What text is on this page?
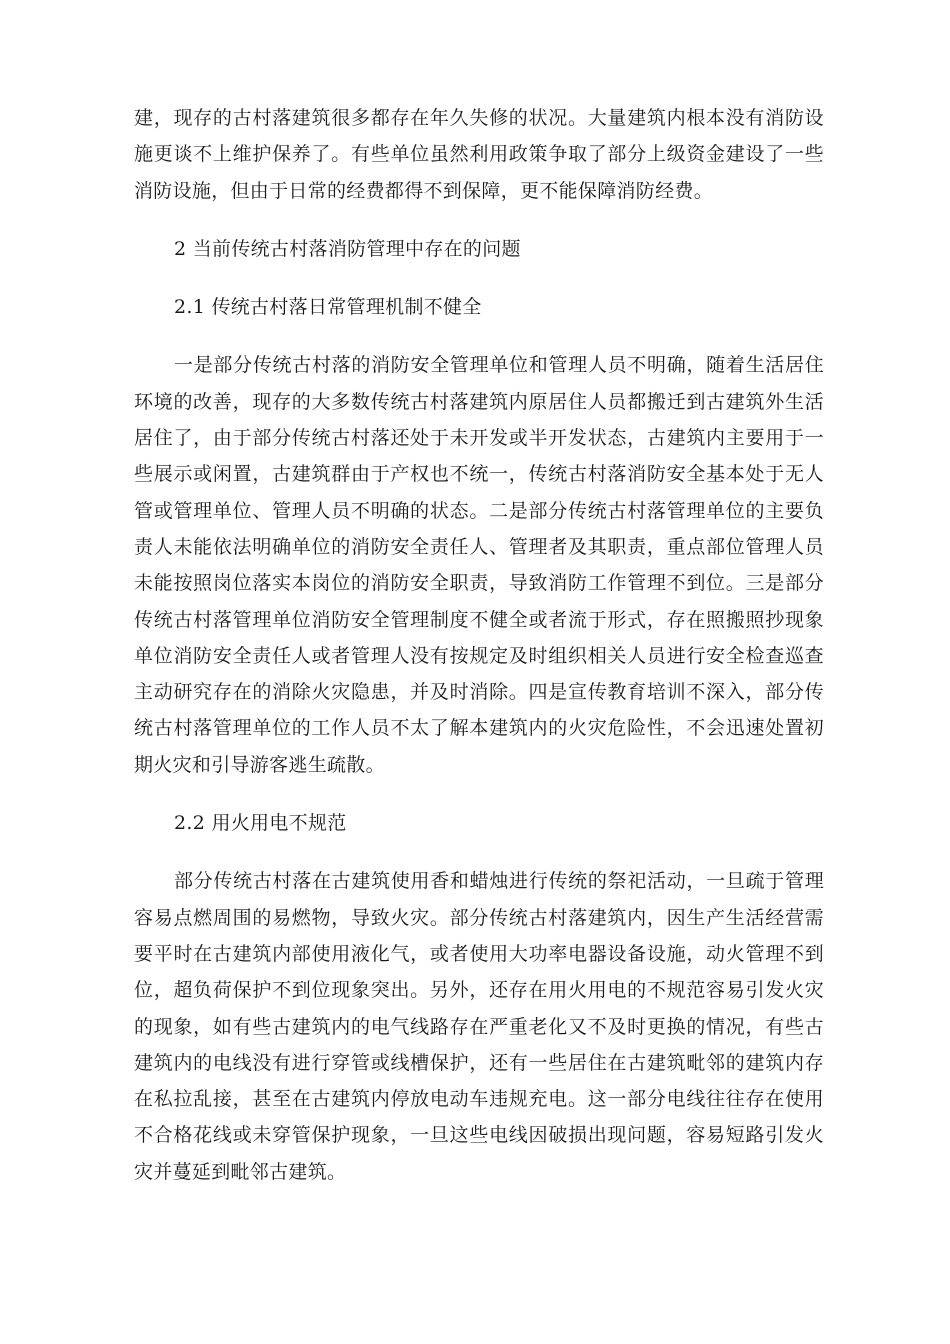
建，现存的古村落建筑很多都存在年久失修的状况。大量建筑内根本没有消防设
施更谈不上维护保养了。有些单位虽然利用政策争取了部分上级资金建设了一些
消防设施，但由于日常的经费都得不到保障，更不能保障消防经费。
2 当前传统古村落消防管理中存在的问题
2.1 传统古村落日常管理机制不健全
一是部分传统古村落的消防安全管理单位和管理人员不明确，随着生活居住
环境的改善，现存的大多数传统古村落建筑内原居住人员都搬迁到古建筑外生活
居住了，由于部分传统古村落还处于未开发或半开发状态，古建筑内主要用于一
些展示或闲置，古建筑群由于产权也不统一，传统古村落消防安全基本处于无人
管或管理单位、管理人员不明确的状态。二是部分传统古村落管理单位的主要负
责人未能依法明确单位的消防安全责任人、管理者及其职责，重点部位管理人员
未能按照岗位落实本岗位的消防安全职责，导致消防工作管理不到位。三是部分
传统古村落管理单位消防安全管理制度不健全或者流于形式，存在照搬照抄现象
单位消防安全责任人或者管理人没有按规定及时组织相关人员进行安全检查巡查
主动研究存在的消除火灾隐患，并及时消除。四是宣传教育培训不深入，部分传
统古村落管理单位的工作人员不太了解本建筑内的火灾危险性，不会迅速处置初
期火灾和引导游客逃生疏散。
2.2 用火用电不规范
部分传统古村落在古建筑使用香和蜡烛进行传统的祭祀活动，一旦疏于管理
容易点燃周围的易燃物，导致火灾。部分传统古村落建筑内，因生产生活经营需
要平时在古建筑内部使用液化气，或者使用大功率电器设备设施，动火管理不到
位，超负荷保护不到位现象突出。另外，还存在用火用电的不规范容易引发火灾
的现象，如有些古建筑内的电气线路存在严重老化又不及时更换的情况，有些古
建筑内的电线没有进行穿管或线槽保护，还有一些居住在古建筑毗邻的建筑内存
在私拉乱接，甚至在古建筑内停放电动车违规充电。这一部分电线往往存在使用
不合格花线或未穿管保护现象，一旦这些电线因破损出现问题，容易短路引发火
灾并蔓延到毗邻古建筑。
